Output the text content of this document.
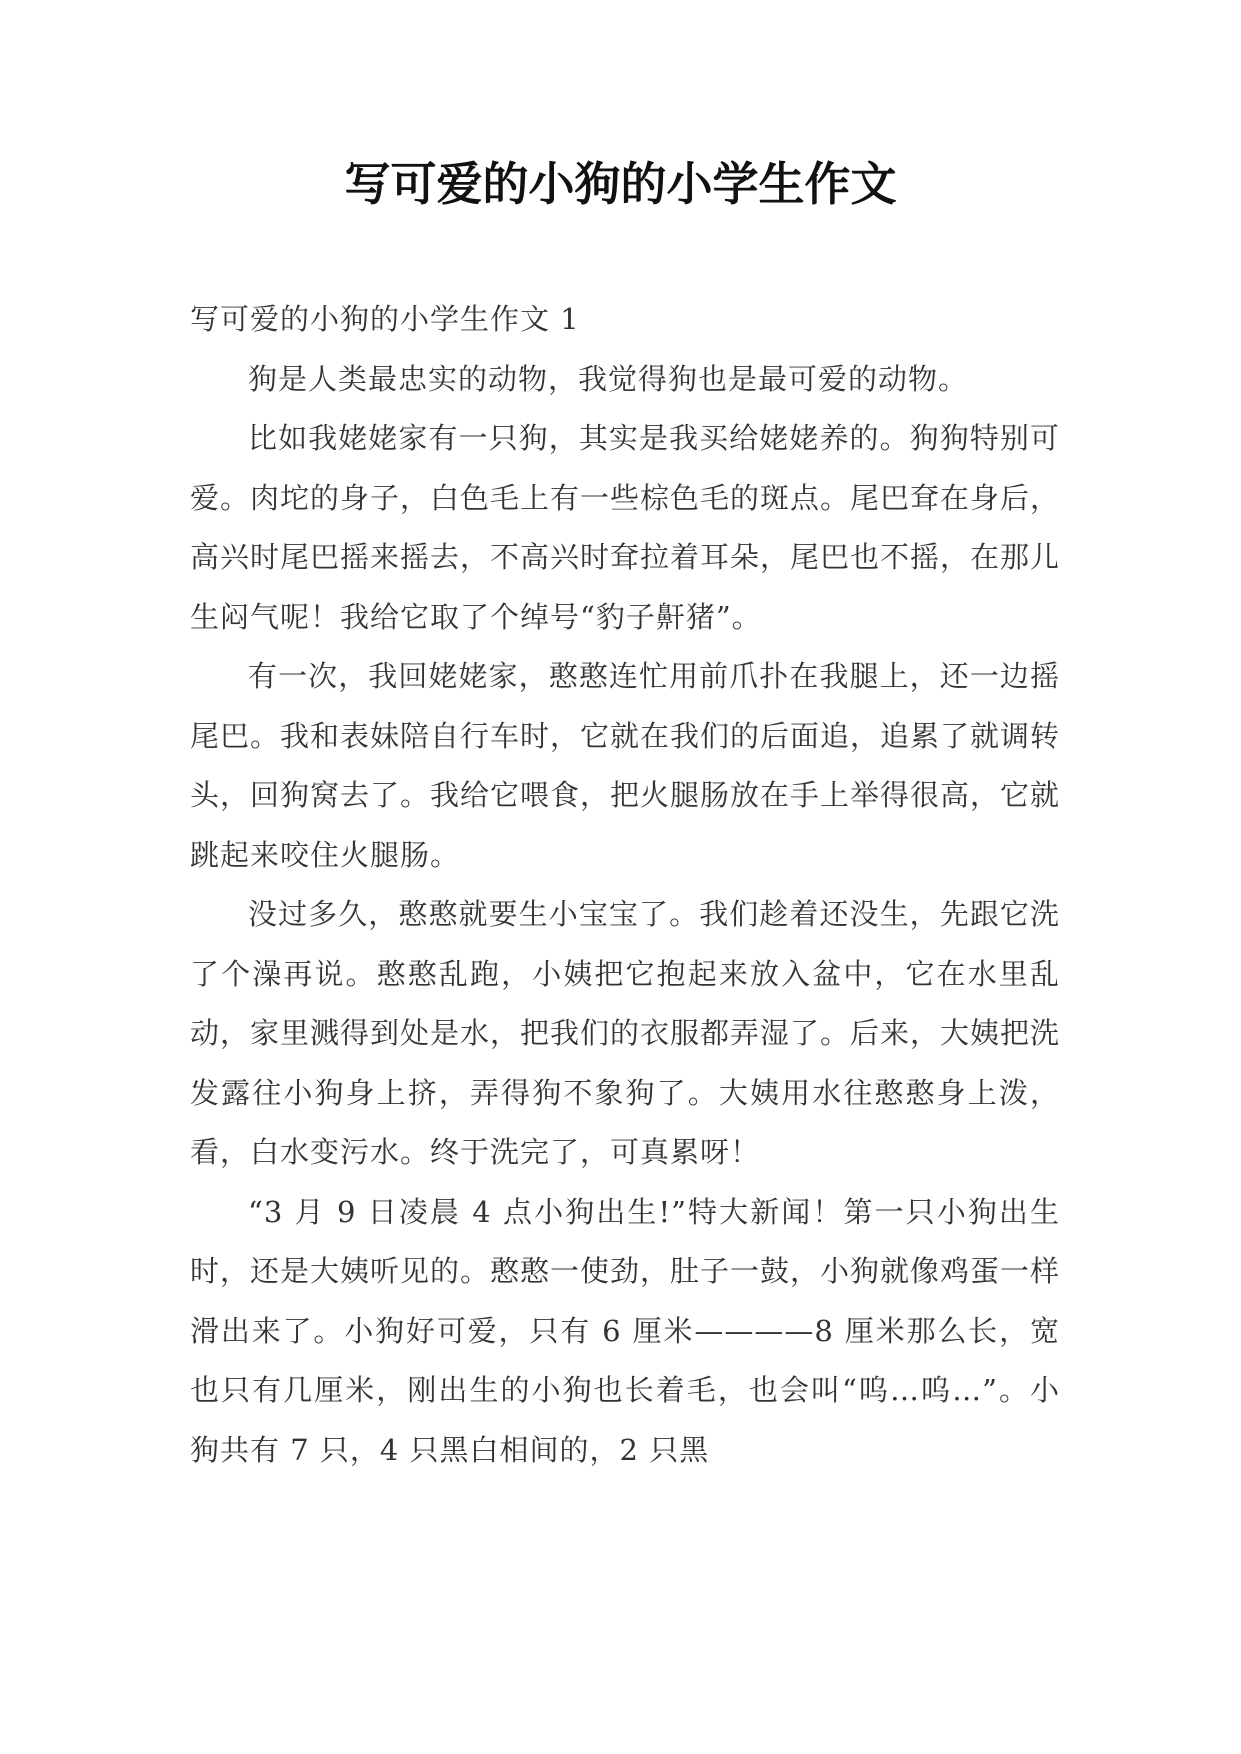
写可爱的小狗的小学生作文

写可爱的小狗的小学生作文 1

狗是人类最忠实的动物，我觉得狗也是最可爱的动物。

比如我姥姥家有一只狗，其实是我买给姥姥养的。狗狗特别可爱。肉坨的身子，白色毛上有一些棕色毛的斑点。尾巴耷在身后，高兴时尾巴摇来摇去，不高兴时耷拉着耳朵，尾巴也不摇，在那儿生闷气呢！我给它取了个绰号“豹子鼾猪”。

有一次，我回姥姥家，憨憨连忙用前爪扑在我腿上，还一边摇尾巴。我和表妹陪自行车时，它就在我们的后面追，追累了就调转头，回狗窝去了。我给它喂食，把火腿肠放在手上举得很高，它就跳起来咬住火腿肠。

没过多久，憨憨就要生小宝宝了。我们趁着还没生，先跟它洗了个澡再说。憨憨乱跑，小姨把它抱起来放入盆中，它在水里乱动，家里溅得到处是水，把我们的衣服都弄湿了。后来，大姨把洗发露往小狗身上挤，弄得狗不象狗了。大姨用水往憨憨身上泼，看，白水变污水。终于洗完了，可真累呀！

“3 月 9 日凌晨 4 点小狗出生!”特大新闻！第一只小狗出生时，还是大姨听见的。憨憨一使劲，肚子一鼓，小狗就像鸡蛋一样滑出来了。小狗好可爱，只有 6 厘米————8 厘米那么长，宽也只有几厘米，刚出生的小狗也长着毛，也会叫“呜…呜…”。小狗共有 7 只，4 只黑白相间的，2 只黑
